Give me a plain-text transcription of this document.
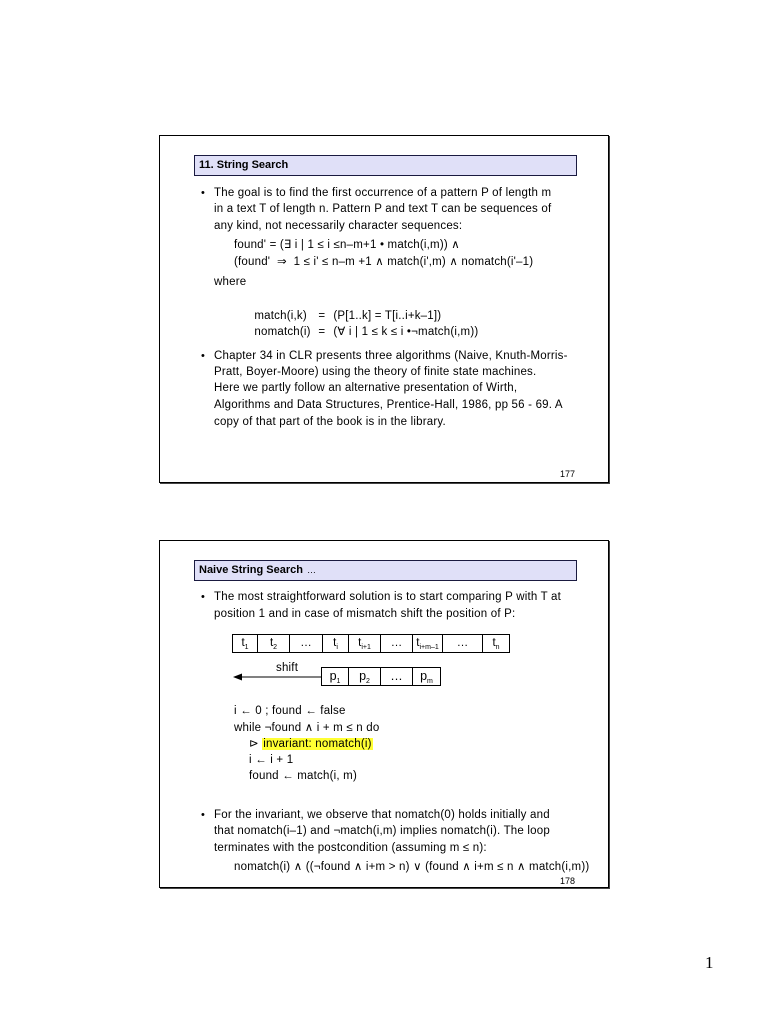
11. String Search
• The goal is to find the first occurrence of a pattern P of length m
in a text T of length n. Pattern P and text T can be sequences of
any kind, not necessarily character sequences:
found' = (∃ i | 1 ≤ i ≤n–m+1 • match(i,m)) ∧
(found'  ⇒  1 ≤ i' ≤ n–m +1 ∧ match(i',m) ∧ nomatch(i'–1)
where

match(i,k) = (P[1..k] = T[i..i+k–1])

nomatch(i) = (∀ i | 1 ≤ k ≤ i •¬match(i,m))

• Chapter 34 in CLR presents three algorithms (Naive, Knuth-Morris-
Pratt, Boyer-Moore) using the theory of finite state machines.
Here we partly follow an alternative presentation of Wirth,
Algorithms and Data Structures, Prentice-Hall, 1986, pp 56 - 69. A
copy of that part of the book is in the library.
177
Naive String Search …
• The most straightforward solution is to start comparing P with T at
position 1 and in case of mismatch shift the position of P:
$t_1$	$t_2$	…	$t_i$	$t_{i+1}$	…	$t_{i+m-1}$	…	$t_n$
shift
$p_1$	$p_2$	…	$p_m$
i ← 0 ; found ← false
while ¬found ∧ i + m ≤ n do
⊳ invariant: nomatch(i)
i ← i + 1
found ← match(i, m)
• For the invariant, we observe that nomatch(0) holds initially and
that nomatch(i–1) and ¬match(i,m) implies nomatch(i). The loop
terminates with the postcondition (assuming m ≤ n):
nomatch(i) ∧ ((¬found ∧ i+m > n) ∨ (found ∧ i+m ≤ n ∧ match(i,m))
178
1
